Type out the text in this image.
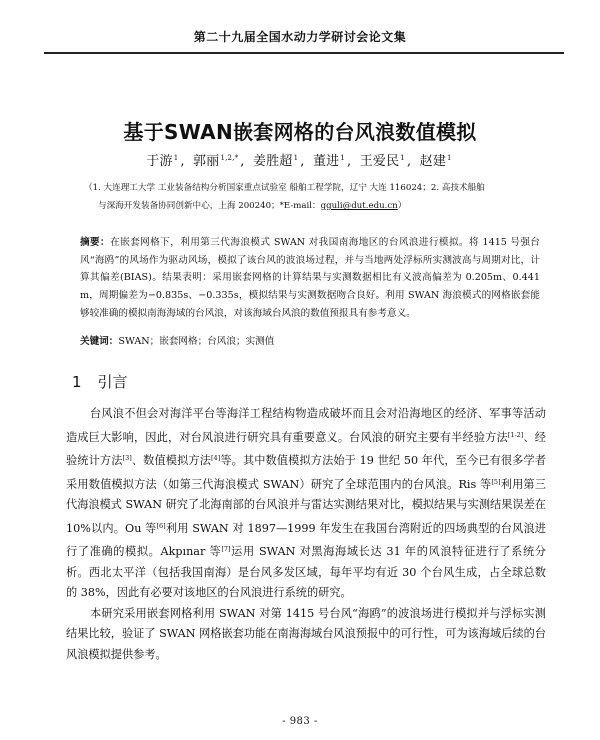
第二十九届全国水动力学研讨会论文集
基于SWAN嵌套网格的台风浪数值模拟
于游$^1$ , 郭丽$^{1,2,*}$ , 姜胜超$^1$ , 董进$^1$ , 王爱民$^1$ , 赵建$^1$
（1. 大连理工大学 工业装备结构分析国家重点试验室 船舶工程学院，辽宁 大连 116024；2. 高技术船舶
与深海开发装备协同创新中心，上海 200240；*E-mail：gguli@dut.edu.cn）
摘要：在嵌套网格下，利用第三代海浪模式 SWAN 对我国南海地区的台风浪进行模拟。将 1415 号强台风“海鸥”的风场作为驱动风场，模拟了该台风的波浪场过程，并与当地两处浮标所实测波高与周期对比，计算其偏差(BIAS)。结果表明：采用嵌套网格的计算结果与实测数据相比有义波高偏差为 0.205m、0.441m，周期偏差为−0.835s、−0.335s，模拟结果与实测数据吻合良好。利用 SWAN 海浪模式的网格嵌套能够较准确的模拟南海海域的台风浪，对该海域台风浪的数值预报具有参考意义。
关键词：SWAN；嵌套网格；台风浪；实测值
1 引言

台风浪不但会对海洋平台等海洋工程结构物造成破坏而且会对沿海地区的经济、军事等活动造成巨大影响，因此，对台风浪进行研究具有重要意义。台风浪的研究主要有半经验方法[1-2]、经验统计方法[3]、数值模拟方法[4]等。其中数值模拟方法始于 19 世纪 50 年代，至今已有很多学者采用数值模拟方法（如第三代海浪模式 SWAN）研究了全球范围内的台风浪。Ris 等[5]利用第三代海浪模式 SWAN 研究了北海南部的台风浪并与雷达实测结果对比，模拟结果与实测结果误差在 10%以内。Ou 等[6]利用 SWAN 对 1897—1999 年发生在我国台湾附近的四场典型的台风浪进行了准确的模拟。Akpınar 等[7]运用 SWAN 对黑海海域长达 31 年的风浪特征进行了系统分析。西北太平洋（包括我国南海）是台风多发区域，每年平均有近 30 个台风生成，占全球总数的 38%，因此有必要对该地区的台风浪进行系统的研究。

本研究采用嵌套网格利用 SWAN 对第 1415 号台风“海鸥”的波浪场进行模拟并与浮标实测结果比较，验证了 SWAN 网格嵌套功能在南海海域台风浪预报中的可行性，可为该海域后续的台风浪模拟提供参考。

- 983 -
